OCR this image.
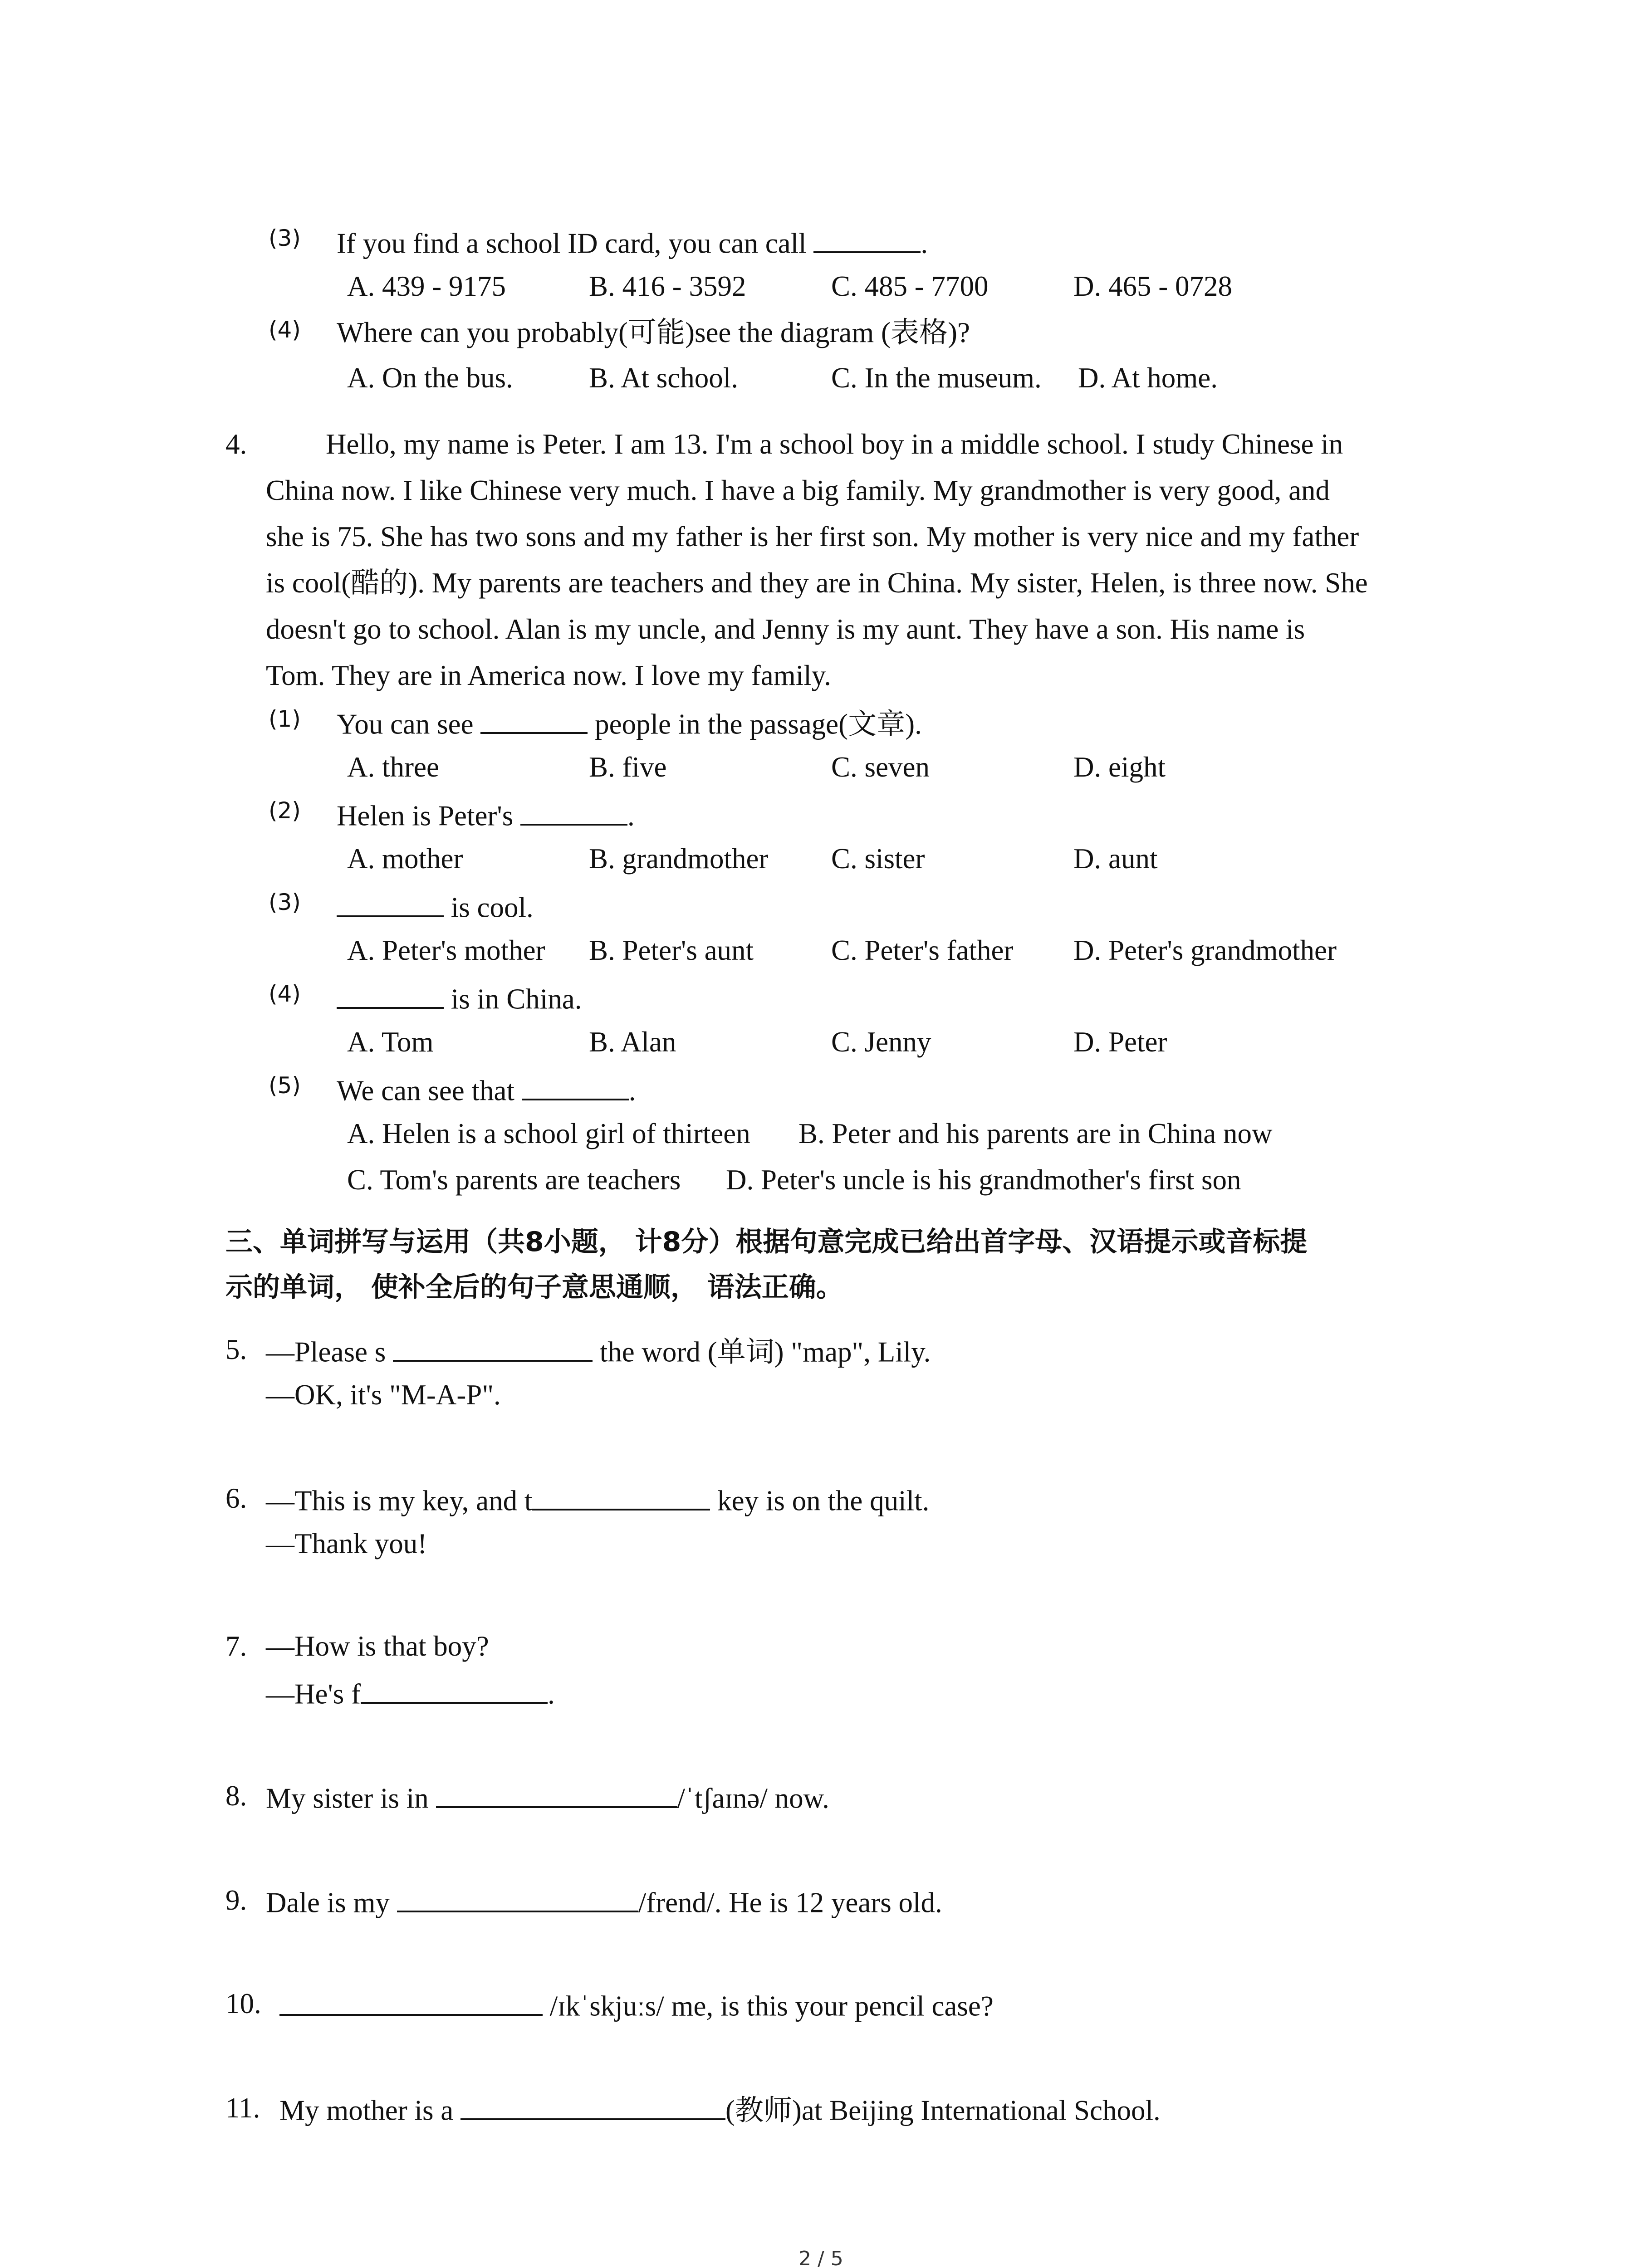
(3) If you find a school ID card, you can call	.
A. 439 - 9175	B. 416 - 3592	C. 485 - 7700	D. 465 - 0728
(4) Where can you probably(可能)see the diagram (表格)?
A. On the bus.	B. At school.	C. In the museum. D. At home.
4.	Hello, my name is Peter. I am 13. I'm a school boy in a middle school. I study Chinese in
China now. I like Chinese very much. I have a big family. My grandmother is very good, and
she is 75. She has two sons and my father is her first son. My mother is very nice and my father
is cool(酷的). My parents are teachers and they are in China. My sister, Helen, is three now. She
doesn't go to school. Alan is my uncle, and Jenny is my aunt. They have a son. His name is
Tom. They are in America now. I love my family.
(1) You can see	people in the passage(文章).
A. three	B. five	C. seven	D. eight
(2) Helen is Peter's	.
A. mother	B. grandmother C. sister	D. aunt
(3)	is cool.
A. Peter's mother B. Peter's aunt	C. Peter's father D. Peter's grandmother
(4)	is in China.
A. Tom	B. Alan	C. Jenny	D. Peter
(5) We can see that	.
A. Helen is a school girl of thirteen B. Peter and his parents are in China now
C. Tom's parents are teachers D. Peter's uncle is his grandmother's first son
三、单词拼写与运用（共8小题， 计8分）根据句意完成已给出首字母、汉语提示或音标提
示的单词， 使补全后的句子意思通顺， 语法正确。
5. —Please s	the word (单词) "map", Lily.
—OK, it's "M-A-P".
6. —This is my key, and t	key is on the quilt.
—Thank you!
7. —How is that boy?
—He's f	.
8. My sister is in	/ˈtʃaɪnə/ now.
9. Dale is my	/frend/. He is 12 years old.
10.	/ɪkˈskjuːs/ me, is this your pencil case?
11. My mother is a	(教师)at Beijing International School.
2 / 5
